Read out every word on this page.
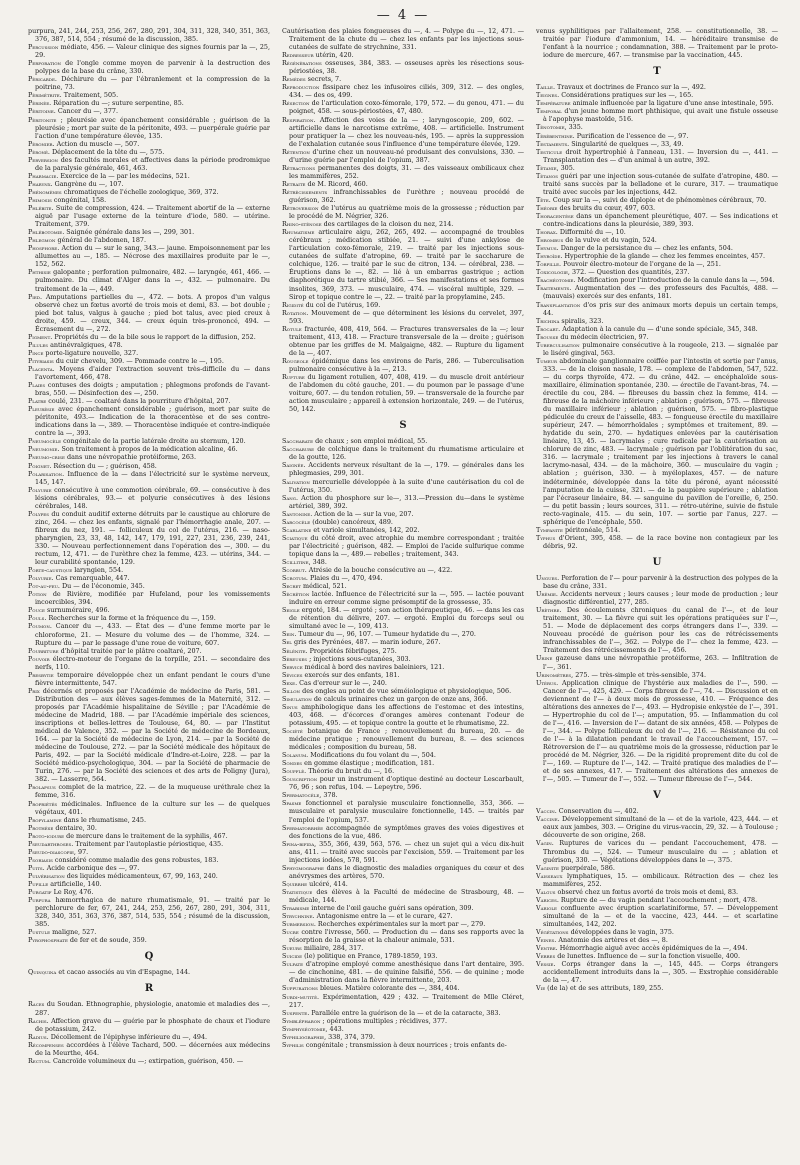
— 4 —

purpura, 241, 244, 253, 256, 267, 280, 291, 304, 311, 328, 340, 351, 363, 376, 387, 514, 554 ; résumé de la discussion, 385.

Percussion médiate, 456. — Valeur clinique des signes fournis par la —, 25, 29.

Perforation de l'ongle comme moyen de parvenir à la destruction des polypes de la base du crâne, 330.

Péricarde. Déchirure du — par l'ébranlement et la compression de la poitrine, 73.

Périmétrite. Traitement, 505.

Périnée. Réparation du —; suture serpentine, 85.

Péritoine. Cancer du —, 377.

Péritonite ; pleurésie avec épanchement considérable ; guérison de la pleurésie ; mort par suite de la péritonite, 493. — puerpérale guérie par l'action d'une température élevée, 135.

Péronier. Action du muscle —, 507.

Péroné. Déplacement de la tête du —, 575.

Perversion des facultés morales et affectives dans la période prodromique de la paralysie générale, 461, 463.

Pharmacie. Exercice de la — par les médecins, 521.

Pharynx. Gangrène du —, 107.

Phénomènes chromatiques de l'échelle zoologique, 369, 372.

Phimosis congénital, 158.

Phlébite. Suite de compression, 424. — Traitement abortif de la — externe aiguë par l'usage externe de la teinture d'iode, 580. — utérine. Traitement, 379.

Phlébotomie. Saignée générale dans les —, 299, 301.

Phlegmon général de l'abdomen, 187.

Phosphore. Action du — sur le sang, 343.— jaune. Empoisonnement par les allumettes au —, 185. — Nécrose des maxillaires produite par le —, 152, 562.

Phthisie galopante ; perforation pulmonaire, 482. — laryngée, 461, 466. — pulmonaire. Du climat d'Alger dans la —, 432. — pulmonaire. Du traitement de la —, 449.

Pied. Amputations partielles du —, 472. — bots. A propos d'un valgus observé chez un fœtus avorté de trois mois et demi, 83. — bot double ; pied bot talus, valgus à gauche ; pied bot talus, avec pied creux à droite, 459. — creux, 344. — creux équin très-prononcé, 494. — Écrasement du —, 272.

Pigment. Propriétés du — de la bile sous le rapport de la diffusion, 252.

Pilules antinévralgiques, 478.

Pince porte-ligature nouvelle, 327.

Pityriasis du cuir chevelu, 309. — Pommade contre le —, 195.

Placenta. Moyens d'aider l'extraction souvent très-difficile du — dans l'avortement, 466, 478.

Plaies contuses des doigts ; amputation ; phlegmons profonds de l'avant-bras, 550. — Désinfection des —, 250.

Platre coulé, 231. — coaltaré dans la pourriture d'hôpital, 207.

Pleurésie avec épanchement considérable ; guérison, mort par suite de péritonite, 493.— Indication de la thoracentèse et de ses contre-indications dans la —, 389. — Thoracentèse indiquée et contre-indiquée contre la —, 393.

Pneumocèle congénitale de la partie latérale droite au sternum, 120.

Pneumonie. Son traitement à propos de la médication alcaline, 46.

Pneumo-crise dans une névropathie protéiforme, 263.

Poignet. Résection du — ; guérison, 458.

Polarisation. Influence de la — dans l'électricité sur le système nerveux, 145, 147.

Polyurie consécutive à une commotion cérébrale, 69. — consécutive à des lésions cérébrales, 93.— et polyurie consécutives à des lésions cérébrales, 148.

Polypes du conduit auditif externe détruits par le caustique au chlorure de zinc, 264. — chez les enfants, signalé par l'hémorrhagie anale, 207. — fibreux du nez, 191. — folliculeux du col de l'utérus, 216. — naso-pharyngien, 23, 33, 48, 142, 147, 179, 191, 227, 231, 236, 239, 241, 330. — Nouveau perfectionnement dans l'opération des —, 300. — du rectum, 12, 471. — de l'urèthre chez la femme, 423. — utérins, 344. — leur curabilité spontanée, 129.

Porte-caustique laryngien, 554.

Polyurie. Cas remarquable, 447.

Pot-au-feu. Du — de l'économie, 345.

Potion de Rivière, modifiée par Hufeland, pour les vomissements incoercibles, 394.

Pouce surnuméraire, 496.

Pouls. Recherches sur la forme et la fréquence du —, 159.

Poumon. Cancer du —, 433. — État des — d'une femme morte par le chloroforme, 21. — Mesure du volume des — de l'homme, 324. — Rupture du — par le passage d'une roue de voiture, 607.

Pourriture d'hôpital traitée par le plâtre coaltaré, 207.

Pouvoir électro-moteur de l'organe de la torpille, 251. — secondaire des nerfs, 110.

Presbytie temporaire développée chez un enfant pendant le cours d'une fièvre intermittente, 547.

Prix décernés et proposés par l'Académie de médecine de Paris, 581. — Distribution des — aux élèves sages-femmes de la Maternité, 312. — proposés par l'Académie hispalitaine de Séville ; par l'Académie de médecine de Madrid, 188. — par l'Académie impériale des sciences, inscriptions et belles-lettres de Toulouse, 64, 80. — par l'Institut médical de Valence, 352. — par la Société de médecine de Bordeaux, 164. — par la Société de médecine de Lyon, 214. — par la Société de médecine de Toulouse, 272. — par la Société médicale des hôpitaux de Paris, 492. — par la Société médicale d'Indre-et-Loire, 228. — par la Société médico-psychologique, 304. — par la Société de pharmacie de Turin, 276. — par la Société des sciences et des arts de Poligny (Jura), 382. — Lasserre, 564.

Prolapsus complet de la matrice, 22. — de la muqueuse uréthrale chez la femme, 316.

Propriétés médicinales. Influence de la culture sur les — de quelques végétaux, 401.

Propylamine dans le rhumatisme, 245.

Prothèse dentaire, 30.

Proto-iodure de mercure dans le traitement de la syphilis, 467.

Pseudarthroses. Traitement par l'autoplastie périostique, 435.

Pseudo-diascopie, 97.

Psoriasis considéré comme maladie des gens robustes, 183.

Puits. Acide carbonique des —, 97.

Pulvérisation des liquides médicamenteux, 67, 99, 163, 240.

Pupille artificielle, 140.

Purgatif Le Roy, 476.

Purpura hæmorrhagica de nature rhumatismale, 91. — traité par le perchlorure de fer, 67, 241, 244, 253, 256, 267, 280, 291, 304, 311, 328, 340, 351, 363, 376, 387, 514, 535, 554 ; résumé de la discussion, 385.

Pustule maligne, 527.

Pyrophosphate de fer et de soude, 359.

Q

Quinquina et cacao associés au vin d'Espagne, 144.

R

Races du Soudan. Ethnographie, physiologie, anatomie et maladies des —, 287.

Rachis. Affection grave du — guérie par le phosphate de chaux et l'iodure de potassium, 242.

Radius. Décollement de l'épiphyse inférieure du —, 494.

Récompenses accordées à l'élève Tachard, 500. — décernées aux médecins de la Meurthe, 464.

Rectum. Cancroïde volumineux du —; extirpation, guérison, 450. —

Cautérisation des plaies fongueuses du —, 4. — Polype du —, 12, 471. — Traitement de la chute du — chez les enfants par les injections sous-cutanées de sulfate de strychnine, 331.

Redresseur utérin, 420.

Régénérations osseuses, 384, 383. — osseuses après les résections sous-périostées, 38.

Remèdes secrets, 7.

Reproduction fissipare chez les infusoires ciliés, 309, 312. — des ongles, 434. — des os, 499.

Résection de l'articulation coxo-fémorale, 179, 572. — du genou, 471. — du poignet, 458. — sous-périostées, 47, 480.

Respiration. Affection des voies de la — ; laryngoscopie, 209, 602. — artificielle dans le narcotisme extrême, 408. — artificielle. Instrument pour pratiquer la — chez les nouveau-nés, 195. — après la suppression de l'exhalation cutanée sous l'influence d'une température élevée, 129.

Rétention d'urine chez un nouveau-né produisant des convulsions, 330. — d'urine guérie par l'emploi de l'opium, 387.

Rétractions permanentes des doigts, 31. — des vaisseaux ombilicaux chez les mammifères, 252.

Retraite de M. Ricord, 460.

Rétrécissements infranchissables de l'urèthre ; nouveau procédé de guérison, 362.

Rétroversion de l'utérus au quatrième mois de la grossesse ; réduction par le procédé de M. Négrier, 326.

Rhino-sténose des cartilages de la cloison du nez, 214.

Rhumatisme articulaire aigu, 262, 265, 492. — accompagné de troubles cérébraux ; médication stibiée, 21. — suivi d'une ankylose de l'articulation coxo-fémorale, 219. — traité par les injections sous-cutanées de sulfate d'atropine, 69. — traité par le saccharure de colchique, 126. — traité par le suc de citron, 134. — cérébral, 238. — Éruptions dans le —, 82. — lié à un embarras gastrique ; action diaphorétique du tartre stibié, 366. — Ses manifestations et ses formes insolites, 369, 373. — musculaire, 474. — viscéral multiple, 329. — Sirop et topique contre le —, 22. — traité par la propylamine, 245.

Rigidité du col de l'utérus, 169.

Rotation. Mouvement de — que déterminent les lésions du cervelet, 397, 593.

Rotule fracturée, 408, 419, 564. — Fractures transversales de la —; leur traitement, 413, 418. — Fracture transversale de la — droite ; guérison obtenue par les griffes de M. Malgaigne, 482. — Rupture du ligament de la —, 407.

Rougeole épidémique dans les environs de Paris, 286. — Tuberculisation pulmonaire consécutive à la —, 213.

Rupture du ligament rotulien, 407, 408, 419. — du muscle droit antérieur de l'abdomen du côté gauche, 201. — du poumon par le passage d'une voiture, 607. — du tendon rotulien, 59. — transversale de la fourche par action musculaire ; appareil à extension horizontale, 249. — de l'utérus, 50, 142.

S

Saccharate de chaux ; son emploi médical, 55.

Saccharure de colchique dans le traitement du rhumatisme articulaire et de la goutte, 126.

Saignée. Accidents nerveux résultant de la —, 179. — générales dans les phlegmasies, 299, 301.

Salivation mercurielle développée à la suite d'une cautérisation du col de l'utérus, 350.

Sang. Action du phosphore sur le—, 313.—Pression du—dans le système artériel, 389, 392.

Santonine. Action de la — sur la vue, 207.

Sarcocèle (double) cancéreux, 489.

Scarlatine et variole simultanées, 142, 202.

Sciatique du côté droit, avec atrophie du membre correspondant ; traitée par l'électricité ; guérison, 482. — Emploi de l'acide sulfurique comme topique dans la —, 489.— rebelles ; traitement, 343.

Scillitine, 348.

Scorbut. Atrésie de la bouche consécutive au —, 422.

Scrotum. Plaies du —, 470, 494.

Secret médical, 521.

Sécrétion lactée. Influence de l'électricité sur la —, 595. — lactée pouvant induire en erreur comme signe présomptif de la grossesse, 35.

Seigle ergoté, 184. — ergoté ; son action thérapeutique, 46. — dans les cas de rétention du délivre, 207. — ergoté. Emploi du forceps seul ou simultané avec le —, 109, 413.

Sein. Tumeur du —, 96, 107. — Tumeur hydatide du —, 270.

Sel gris des Pyrénées, 487. — marin iodure, 267.

Sélénite. Propriétés fébrifuges, 275.

Séreuses ; injections sous-cutanées, 303.

Service médical à bord des navires baleiniers, 121.

Sévices exercés sur des enfants, 181.

Sexe. Cas d'erreur sur le —, 240.

Sillon des ongles au point de vue séméiologique et physiologique, 506.

Simulation de calculs urinaires chez un garçon de onze ans, 366.

Sinus amphibologique dans les affections de l'estomac et des intestins, 403, 468. — d'écorces d'oranges amères contenant l'odeur de potassium, 495. — et topique contre la goutte et le rhumatisme, 22.

Société botanique de France ; renouvellement du bureau, 20. — de médecine pratique ; renouvellement du bureau, 8. — des sciences médicales ; composition du bureau, 58.

Solanum. Modifications du fou volant du —, 504.

Sondes en gomme élastique ; modification, 181.

Soufflé. Théorie du bruit du —, 16.

Souscription pour un instrument d'optique destiné au docteur Lescarbault, 76, 96 ; son refus, 104. — Lepeytre, 596.

Spermatocèle, 378.

Spasme fonctionnel et paralysie musculaire fonctionnelle, 353, 366. — musculaire et paralysie musculaire fonctionnelle, 145. — traités par l'emploi de l'opium, 537.

Spermatorrhée accompagnée de symptômes graves des voies digestives et des fonctions de la vue, 486.

Spina-bifida, 355, 366, 439, 563, 576. — chez un sujet qui a vécu dix-huit ans, 411. — traité avec succès par l'excision, 559. — Traitement par les injections iodées, 578, 591.

Sphygmographe dans le diagnostic des maladies organiques du cœur et des anévrysmes des artères, 570.

Squirrhe ulcéré, 414.

Statistique des élèves à la Faculté de médecine de Strasbourg, 48. — médicale, 144.

Strabisme interne de l'œil gauche guéri sans opération, 309.

Strychnine. Antagonisme entre la — et le curare, 427.

Submersion. Recherches expérimentales sur la mort par —, 279.

Sucre contre l'ivresse, 560. — Production du — dans ses rapports avec la résorption de la graisse et la chaleur animale, 531.

Sueurs miliaire, 284, 317.

Suicide (le) politique en France, 1789-1859, 193.

Sulfate d'atropine employé comme anesthésique dans l'art dentaire, 395. — de cinchonine, 481. — de quinine falsifié, 556. — de quinine ; mode d'administration dans la fièvre intermittente, 203.

Suppurations bleues. Matière colorante des —, 384, 404.

Surdi-mutité. Expérimentation, 429 ; 432. — Traitement de Mlle Cléret, 217.

Suspente. Paralléle entre la guérison de la — et de la cataracte, 383.

Symblépharon ; opérations multiples ; récidives, 377.

Symphyséotomie, 443.

Syphiliographie, 338, 374, 379.

Syphilis congénitale ; transmission à deux nourrices ; trois enfants de-

venus syphilitiques par l'allaitement, 258. — constitutionnelle, 38. — traitée par l'iodure d'ammonium, 14. — héréditaire transmise de l'enfant à la nourrice ; condamnation, 388. — Traitement par le proto-iodure de mercure, 467. — transmise par la vaccination, 445.

T

Taille. Travaux et doctrines de Franco sur la —, 492.

Teignes. Considérations pratiques sur les —, 165.

Température animale influencée par la ligature d'une anse intestinale, 595.

Temporal d'un jeune homme mort phthisique, qui avait une fistule osseuse à l'apophyse mastoïde, 516.

Ténotomie, 335.

Térébenthine. Purification de l'essence de —, 97.

Testaments. Singularité de quelques —, 33, 49.

Testicule droit hypertrophié à l'anneau, 131. — Inversion du —, 441. — Transplantation des — d'un animal à un autre, 392.

Tétanie, 305.

Tétanos guéri par une injection sous-cutanée de sulfate d'atropine, 480. — traité sans succès par la belladone et le curare, 317. — traumatique traité avec succès par les injections, 442.

Tête. Coup sur la —, suivi de diplopie et de phénomènes cérébraux, 70.

Théorie des bruits du cœur, 497, 603.

Thoracentèse dans un épanchement pleurétique, 407. — Ses indications et contre-indications dans la pleurésie, 389, 393.

Thorax. Difformité du —, 10.

Thrombus de la vulve et du vagin, 524.

Thymus. Danger de la persistance du — chez les enfants, 504.

Thyroïde. Hypertrophie de la glande — chez les femmes enceintes, 457.

Torpille. Pouvoir électro-moteur de l'organe de la —, 251.

Toxicologie, 372. — Question des quantités, 237.

Trachéotomie. Modification pour l'introduction de la canule dans la —, 594.

Traitements. Augmentation des — des professeurs des Facultés, 488. — (mauvais) exercés sur des enfants, 181.

Transplantation d'os pris sur des animaux morts depuis un certain temps, 44.

Trichina spiralis, 323.

Trocart. Adaptation à la canule du — d'une sonde spéciale, 345, 348.

Trousse du médecin électricien, 97.

Tuberculisation pulmonaire consécutive à la rougeole, 213. — signalée par le liséré gingival, 563.

Tumeur abdominale ganglionnaire coiffée par l'intestin et sortie par l'anus, 333. — de la cloison nasale, 178. — complexe de l'abdomen, 547, 522. — du corps thyroïde, 472. — du crâne, 442. — encéphaloïde sous-maxillaire, élimination spontanée, 230. — érectile de l'avant-bras, 74. — érectile du cou, 284. — fibreuses du bassin chez la femme, 414. — fibreuse de la mâchoire inférieure ; ablation ; guérison, 575. — fibreuse du maxillaire inférieur ; ablation ; guérison, 575. — fibro-plastique pédiculée du creux de l'aisselle, 483. — fongueuse érectile du maxillaire supérieur, 247. — hémorrhoïdales ; symptômes et traitement, 89. — hydatide du sein, 270. — hydatiques enlevées par la cautérisation linéaire, 13, 45. — lacrymales ; cure radicale par la cautérisation au chlorure de zinc, 483. — lacrymale ; guérison par l'oblitération du sac, 316. — lacrymale ; traitement par les injections à travers le canal lacrymo-nasal, 434. — de la mâchoire, 360. — musculaire du vagin ; ablation ; guérison, 330. — à myéloplaxes, 457. — de nature indéterminée, développée dans la tête du péroné, ayant nécessité l'amputation de la cuisse, 321. — de la paupière supérieure ; ablation par l'écraseur linéaire, 84. — sanguine du pavillon de l'oreille, 6, 250. — du petit bassin ; leurs sources, 311. — rétro-utérine, suivie de fistule recto-vaginale, 415. — du sein, 107. — sortie par l'anus, 227. — sphérique de l'encéphale, 550.

Tympanite péritonéale, 514.

Typhus d'Orient, 395, 458. — de la race bovine non contagieux par les débris, 92.

U

Ungues. Perforation de l'— pour parvenir à la destruction des polypes de la base du crâne, 331.

Urémie. Accidents nerveux ; leurs causes ; leur mode de production ; leur diagnostic différentiel, 277, 285.

Urèthre. Des écoulements chroniques du canal de l'—, et de leur traitement, 30. — La fièvre qui suit les opérations pratiquées sur l'—, 51. — Mode de déplacement des corps étrangers dans l'—, 339. — Nouveau procédé de guérison pour les cas de rétrécissements infranchissables de l'—, 362. — Polype de l'— chez la femme, 423. — Traitement des rétrécissements de l'—, 456.

Urine gazeuse dans une névropathie protéiforme, 263. — Infiltration de l'—, 361.

Urinomètres, 275. — très-simple et très-sensible, 374.

Utérus. Application clinique de l'hystérie aux maladies de l'—, 590. — Cancer de l'—, 425, 429. — Corps fibreux de l'—, 74. — Discussion et en deviennent de l'— à deux mois de grossesse, 410. — Fréquence des altérations des annexes de l'—, 493. — Hydropisie enkystée de l'—, 391. — Hypertrophie du col de l'—; amputation, 95. — Inflammation du col de l'—, 416. — Inversion de l'— datant de six années, 458. — Polypes de l'—, 344. — Polype folliculeux du col de l'—, 216. — Résistance du col de l'— à la dilatation pendant le travail de l'accouchement, 157. — Rétroversion de l'— au quatrième mois de la grossesse, réduction par le procédé de M. Négrier, 326. — De la rigidité proprement dite du col de l'—, 169. — Rupture de l'—, 142. — Traité pratique des maladies de l'— et de ses annexes, 417. — Traitement des altérations des annexes de l'—, 505. — Tumeur de l'—, 552. — Tumeur fibreuse de l'—, 544.

V

Vaccin. Conservation du —, 402.

Vaccine. Développement simultané de la — et de la variole, 423, 444. — et eaux aux jambes, 303. — Origine du virus-vaccin, 29, 32. — à Toulouse ; découverte de son origine, 268.

Vagin. Ruptures de varices du — pendant l'accouchement, 478. — Thrombus du —, 524. — Tumeur musculaire du — ; ablation et guérison, 330. — Végétations développées dans le —, 375.

Vaginite puerpérale, 586.

Vaisseaux lymphatiques, 15. — ombilicaux. Rétraction des — chez les mammifères, 252.

Valgus observé chez un fœtus avorté de trois mois et demi, 83.

Varices. Rupture de — du vagin pendant l'accouchement ; mort, 478.

Variole confluente avec éruption scarlatiniforme, 57. — Développement simultané de la — et de la vaccine, 423, 444. — et scarlatine simultanées, 142, 202.

Végétations développées dans le vagin, 375.

Veines. Anatomie des artères et des —, 8.

Ventre. Hémorrhagie aiguë avec accès épidémiques de la —, 494.

Verres de lunettes. Influence de — sur la fonction visuelle, 400.

Vessie. Corps étranger dans la —, 145, 445. — Corps étrangers accidentellement introduits dans la —, 305. — Exstrophie considérable de la —, 47.

Vie (de la) et de ses attributs, 189, 255.
